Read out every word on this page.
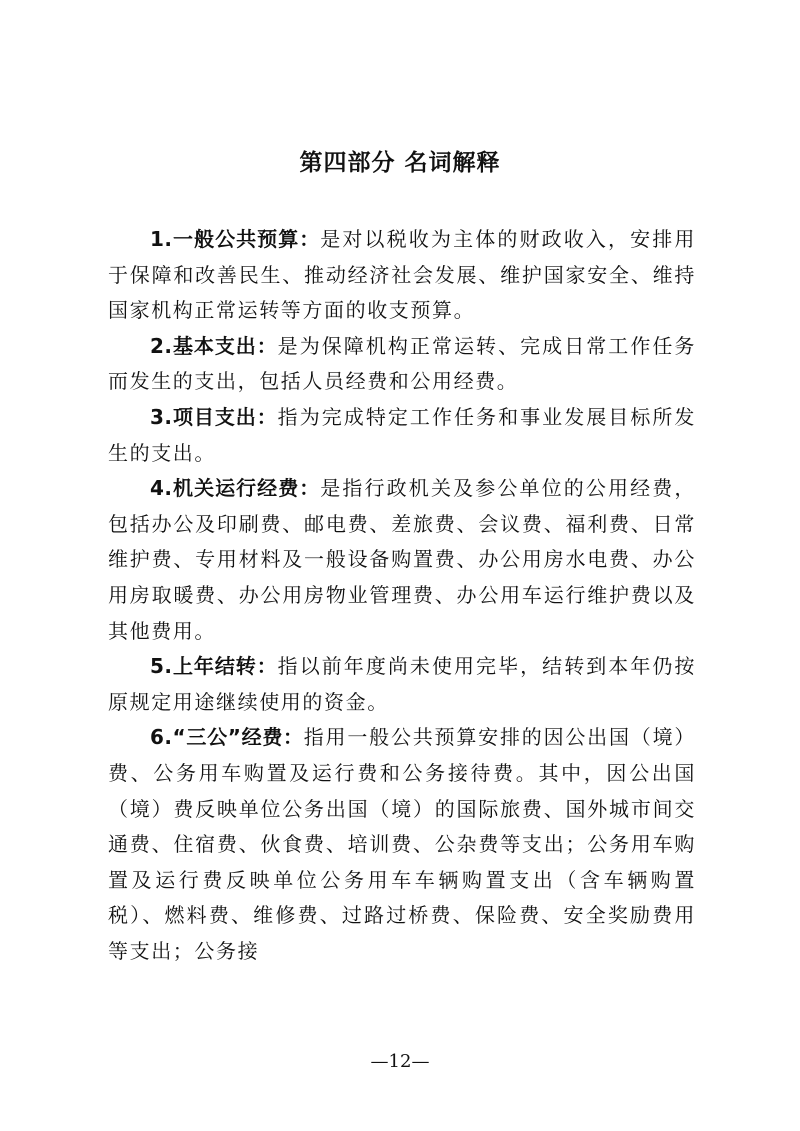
第四部分 名词解释

1.一般公共预算：是对以税收为主体的财政收入，安排用于保障和改善民生、推动经济社会发展、维护国家安全、维持国家机构正常运转等方面的收支预算。

2.基本支出：是为保障机构正常运转、完成日常工作任务而发生的支出，包括人员经费和公用经费。

3.项目支出：指为完成特定工作任务和事业发展目标所发生的支出。

4.机关运行经费：是指行政机关及参公单位的公用经费，包括办公及印刷费、邮电费、差旅费、会议费、福利费、日常维护费、专用材料及一般设备购置费、办公用房水电费、办公用房取暖费、办公用房物业管理费、办公用车运行维护费以及其他费用。

5.上年结转：指以前年度尚未使用完毕，结转到本年仍按原规定用途继续使用的资金。

6.“三公”经费：指用一般公共预算安排的因公出国（境）费、公务用车购置及运行费和公务接待费。其中，因公出国（境）费反映单位公务出国（境）的国际旅费、国外城市间交通费、住宿费、伙食费、培训费、公杂费等支出；公务用车购置及运行费反映单位公务用车车辆购置支出（含车辆购置税）、燃料费、维修费、过路过桥费、保险费、安全奖励费用等支出；公务接

—12—
